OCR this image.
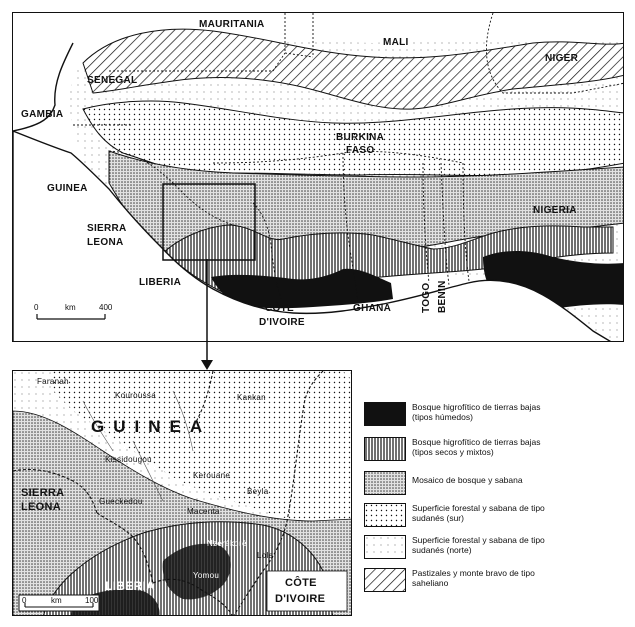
MAURITANIA
MALI
NIGER
SENEGAL
GAMBIA
BURKINA
FASO
GUINEA
SIERRA
LEONA
LIBERIA
CÔTE
D'IVOIRE
GHANA	TOGO BENIN
NIGERIA
0	km	400
GUINEA
Faranah
Kouroussa	Kankan
Kissidougou
Kerouane
Gueckedou
Beyla
Macenta
Nzérékoré
Lola
Yomou
SIERRA
LEONA
LIBERIA	CÔTE
D'IVOIRE
0	km	100
Bosque higrofítico de tierras bajas
(tipos húmedos)
Bosque higrofítico de tierras bajas
(tipos secos y mixtos)
Mosaico de bosque y sabana
Superficie forestal y sabana de tipo
sudanés (sur)
Superficie forestal y sabana de tipo
sudanés (norte)
Pastizales y monte bravo de tipo
saheliano
